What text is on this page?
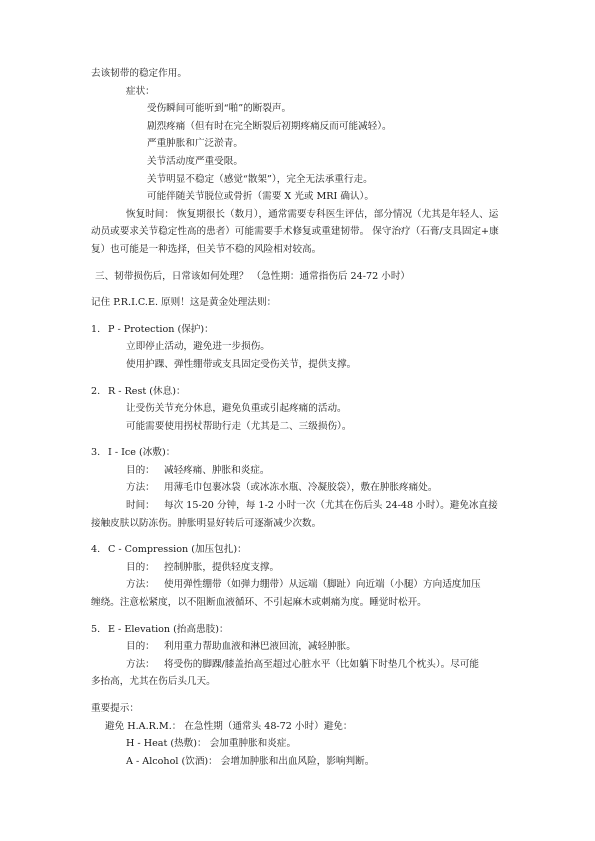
去该韧带的稳定作用。
症状：
受伤瞬间可能听到“啪”的断裂声。
剧烈疼痛（但有时在完全断裂后初期疼痛反而可能减轻）。
严重肿胀和广泛淤青。
关节活动度严重受限。
关节明显不稳定（感觉“散架”），完全无法承重行走。
可能伴随关节脱位或骨折（需要 X 光或 MRI 确认）。
恢复时间： 恢复期很长（数月），通常需要专科医生评估，部分情况（尤其是年轻人、运动员或要求关节稳定性高的患者）可能需要手术修复或重建韧带。 保守治疗（石膏/支具固定+康复）也可能是一种选择，但关节不稳的风险相对较高。
三、韧带损伤后，日常该如何处理？ （急性期：通常指伤后 24-72 小时）
记住 P.R.I.C.E. 原则！这是黄金处理法则：
1. P - Protection (保护)：
立即停止活动，避免进一步损伤。
使用护踝、弹性绷带或支具固定受伤关节，提供支撑。
2. R - Rest (休息)：
让受伤关节充分休息，避免负重或引起疼痛的活动。
可能需要使用拐杖帮助行走（尤其是二、三级损伤）。
3. I - Ice (冰敷)：
目的： 减轻疼痛、肿胀和炎症。
方法： 用薄毛巾包裹冰袋（或冰冻水瓶、冷凝胶袋），敷在肿胀疼痛处。
时间： 每次 15-20 分钟，每 1-2 小时一次（尤其在伤后头 24-48 小时）。避免冰直接
接触皮肤以防冻伤。肿胀明显好转后可逐渐减少次数。
4. C - Compression (加压包扎)：
目的： 控制肿胀，提供轻度支撑。
方法： 使用弹性绷带（如弹力绷带）从远端（脚趾）向近端（小腿）方向适度加压
缠绕。注意松紧度，以不阻断血液循环、不引起麻木或刺痛为度。睡觉时松开。
5. E - Elevation (抬高患肢)：
目的： 利用重力帮助血液和淋巴液回流，减轻肿胀。
方法： 将受伤的脚踝/膝盖抬高至超过心脏水平（比如躺下时垫几个枕头）。尽可能
多抬高，尤其在伤后头几天。
重要提示：
避免 H.A.R.M.： 在急性期（通常头 48-72 小时）避免：
H - Heat (热敷)： 会加重肿胀和炎症。
A - Alcohol (饮酒)： 会增加肿胀和出血风险，影响判断。
